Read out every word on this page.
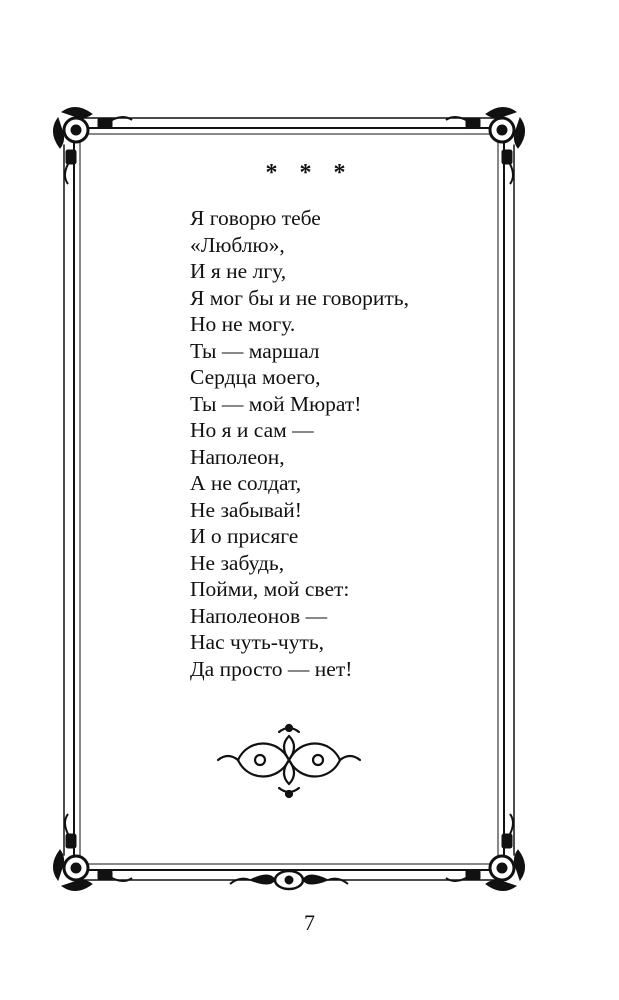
* * *
Я говорю тебе
«Люблю»,
И я не лгу,
Я мог бы и не говорить,
Но не могу.
Ты — маршал
Сердца моего,
Ты — мой Мюрат!
Но я и сам —
Наполеон,
А не солдат,
Не забывай!
И о присяге
Не забудь,
Пойми, мой свет:
Наполеонов —
Нас чуть-чуть,
Да просто — нет!
7
